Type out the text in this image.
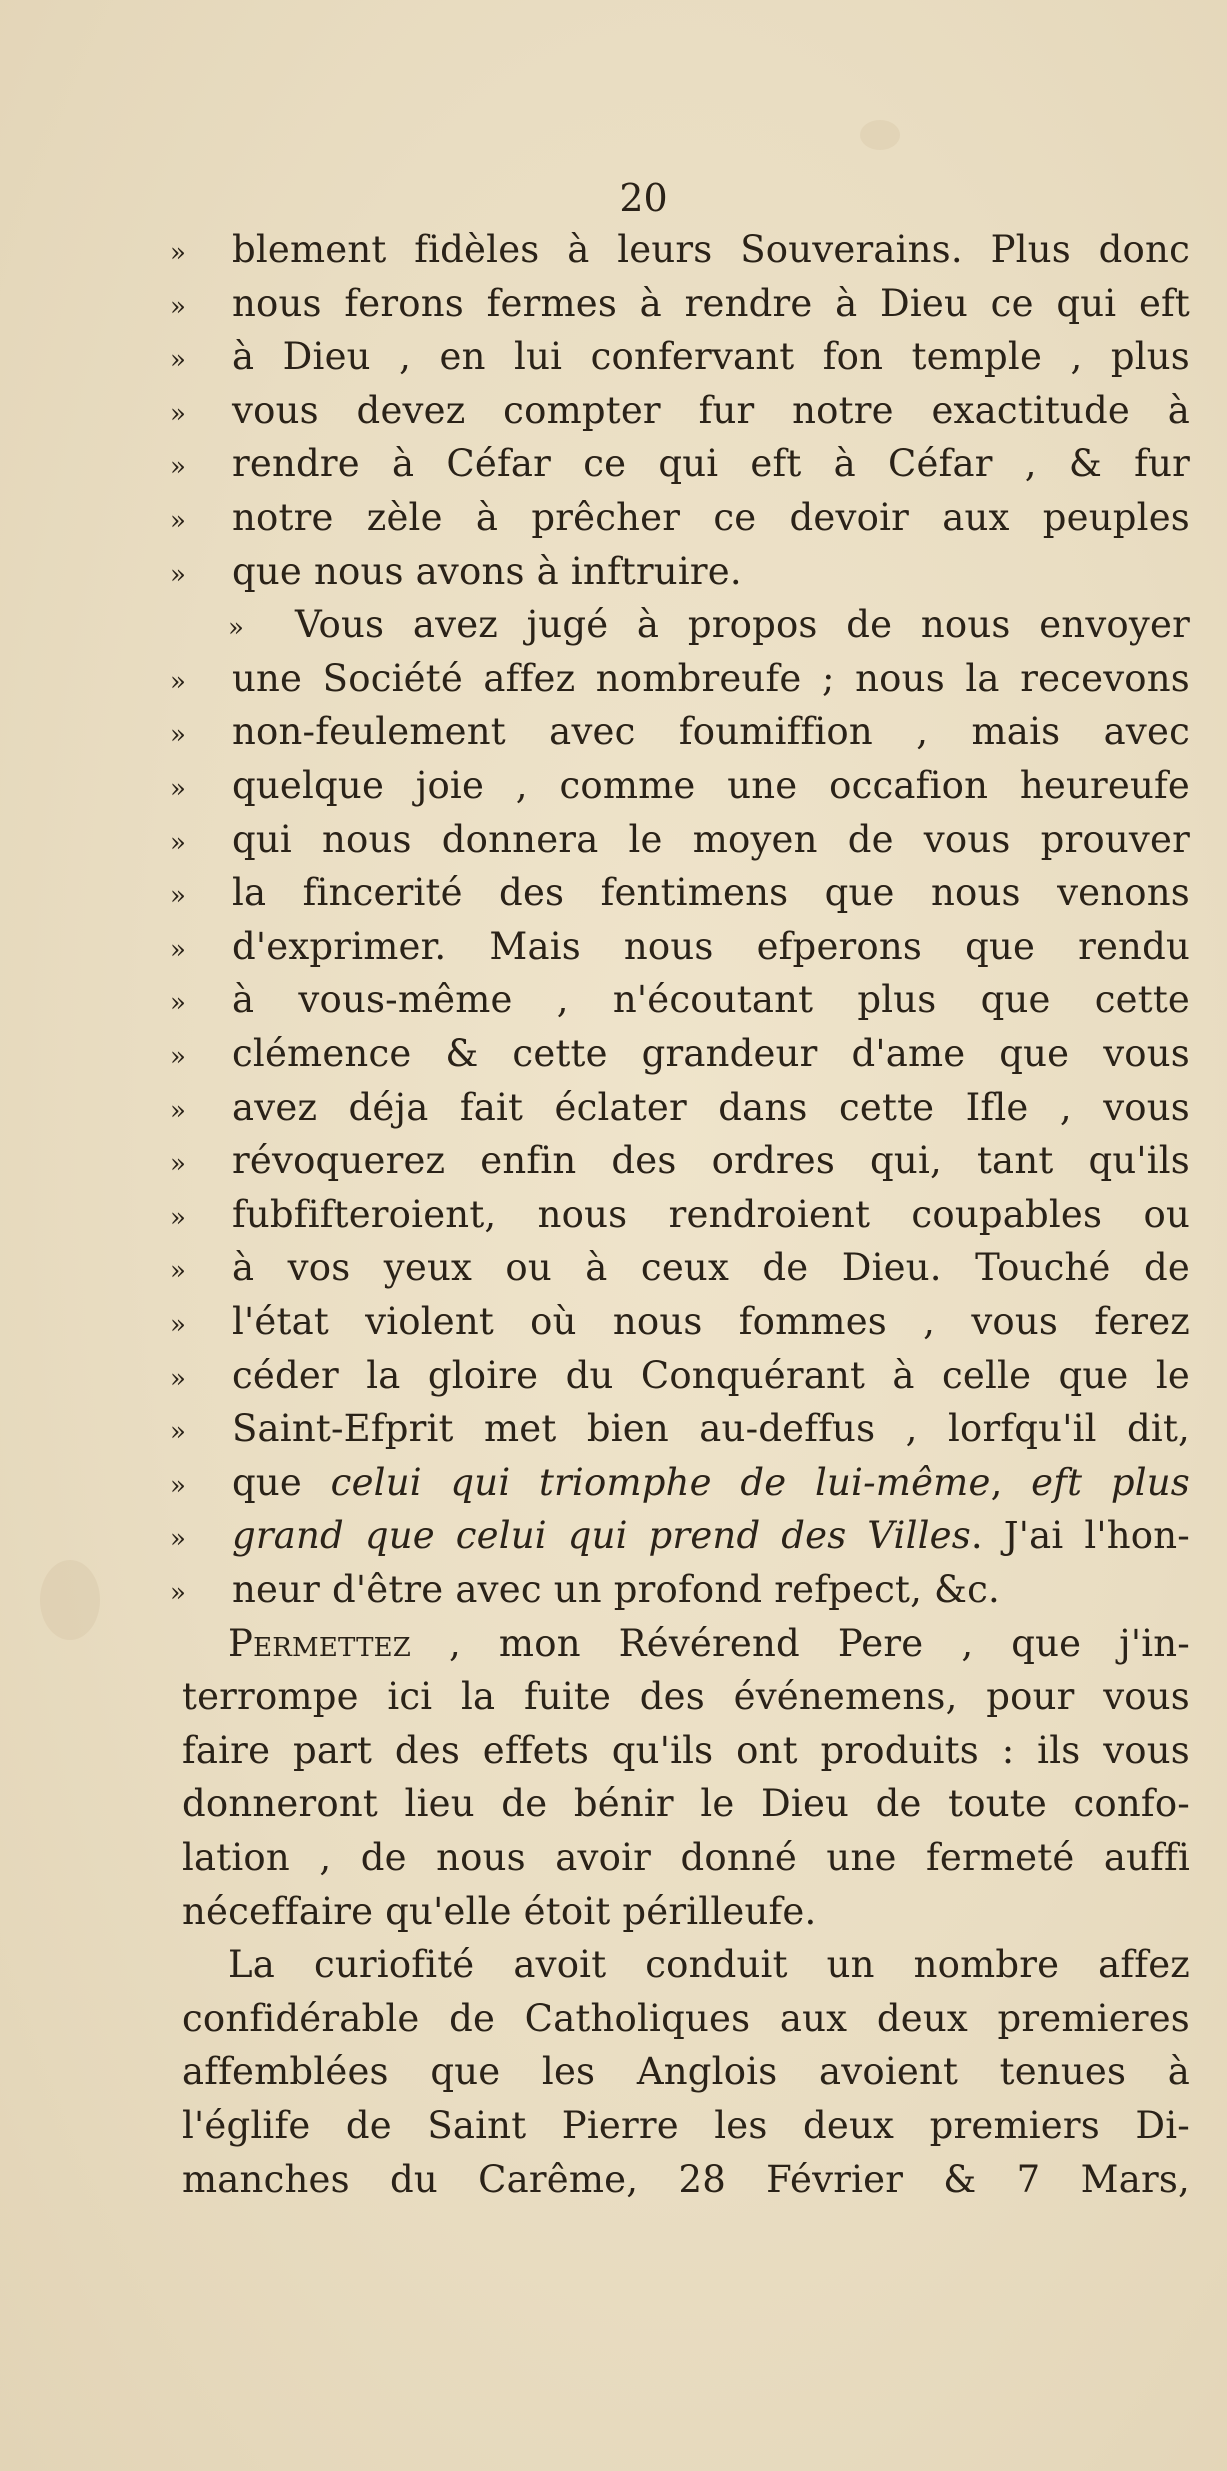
20
» blement fidèles à leurs Souverains. Plus donc
» nous ferons fermes à rendre à Dieu ce qui eft
» à Dieu , en lui confervant fon temple , plus
» vous devez compter fur notre exactitude à
» rendre à Céfar ce qui eft à Céfar , & fur
» notre zèle à prêcher ce devoir aux peuples
» que nous avons à inftruire.
» Vous avez jugé à propos de nous envoyer
» une Société affez nombreufe ; nous la recevons
» non-feulement avec foumiffion , mais avec
» quelque joie , comme une occafion heureufe
» qui nous donnera le moyen de vous prouver
» la fincerité des fentimens que nous venons
» d'exprimer. Mais nous efperons que rendu
» à vous-même , n'écoutant plus que cette
» clémence & cette grandeur d'ame que vous
» avez déja fait éclater dans cette Ifle , vous
» révoquerez enfin des ordres qui, tant qu'ils
» fubfifteroient, nous rendroient coupables ou
» à vos yeux ou à ceux de Dieu. Touché de
» l'état violent où nous fommes , vous ferez
» céder la gloire du Conquérant à celle que le
» Saint-Efprit met bien au-deffus , lorfqu'il dit,
» que celui qui triomphe de lui-même, eft plus
» grand que celui qui prend des Villes. J'ai l'hon-
» neur d'être avec un profond refpect, &c.
Permettez , mon Révérend Pere , que j'in-
terrompe ici la fuite des événemens, pour vous
faire part des effets qu'ils ont produits : ils vous
donneront lieu de bénir le Dieu de toute confo-
lation , de nous avoir donné une fermeté auffi
néceffaire qu'elle étoit périlleufe.
La curiofité avoit conduit un nombre affez
confidérable de Catholiques aux deux premieres
affemblées que les Anglois avoient tenues à
l'églife de Saint Pierre les deux premiers Di-
manches du Carême, 28 Février & 7 Mars,
